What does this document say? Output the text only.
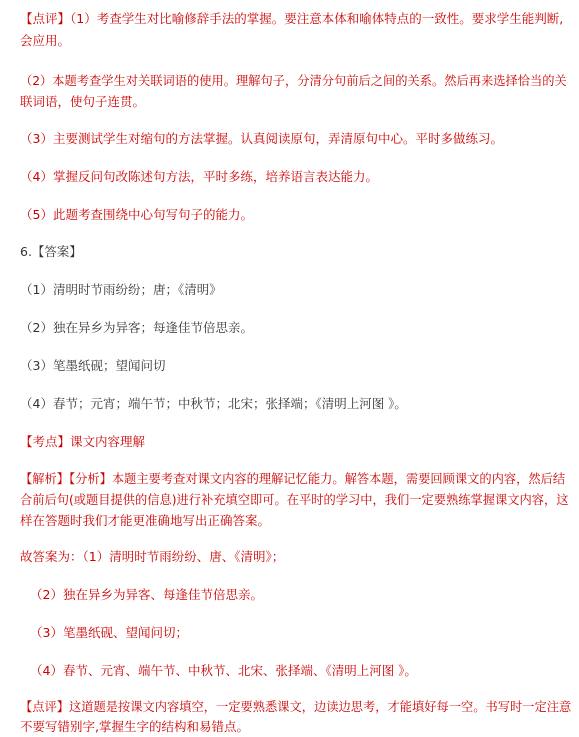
【点评】（1）考查学生对比喻修辞手法的掌握。要注意本体和喻体特点的一致性。要求学生能判断,
会应用。
（2）本题考查学生对关联词语的使用。理解句子，分清分句前后之间的关系。然后再来选择恰当的关
联词语，使句子连贯。
（3）主要测试学生对缩句的方法掌握。认真阅读原句，弄清原句中心。平时多做练习。
（4）掌握反问句改陈述句方法，平时多练，培养语言表达能力。
（5）此题考查围绕中心句写句子的能力。
6.【答案】
（1）清明时节雨纷纷；唐；《清明》
（2）独在异乡为异客；每逢佳节倍思亲。
（3）笔墨纸砚；望闻问切
（4）春节；元宵；端午节；中秋节；北宋；张择端；《清明上河图 》。
【考点】课文内容理解
【解析】【分析】本题主要考查对课文内容的理解记忆能力。解答本题，需要回顾课文的内容，然后结
合前后句(或题目提供的信息)进行补充填空即可。在平时的学习中，我们一定要熟练掌握课文内容，这
样在答题时我们才能更准确地写出正确答案。
故答案为：（1）清明时节雨纷纷、唐、《清明》；
（2）独在异乡为异客、每逢佳节倍思亲。
（3）笔墨纸砚、望闻问切；
（4）春节、元宵、端午节、中秋节、北宋、张择端、《清明上河图 》。
【点评】这道题是按课文内容填空，一定要熟悉课文，边读边思考，才能填好每一空。书写时一定注意
不要写错别字,掌握生字的结构和易错点。
